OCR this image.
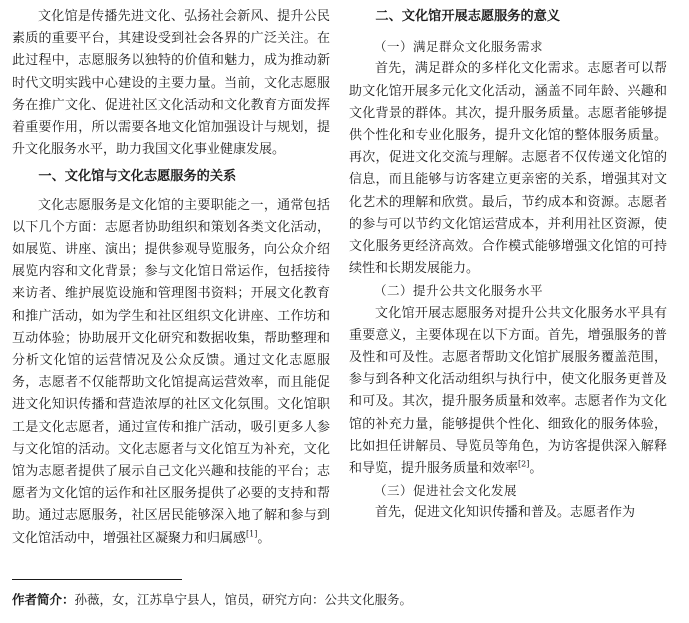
文化馆是传播先进文化、弘扬社会新风、提升公民素质的重要平台，其建设受到社会各界的广泛关注。在此过程中，志愿服务以独特的价值和魅力，成为推动新时代文明实践中心建设的主要力量。当前，文化志愿服务在推广文化、促进社区文化活动和文化教育方面发挥着重要作用，所以需要各地文化馆加强设计与规划，提升文化服务水平，助力我国文化事业健康发展。

一、文化馆与文化志愿服务的关系

文化志愿服务是文化馆的主要职能之一，通常包括以下几个方面：志愿者协助组织和策划各类文化活动，如展览、讲座、演出；提供参观导览服务，向公众介绍展览内容和文化背景；参与文化馆日常运作，包括接待来访者、维护展览设施和管理图书资料；开展文化教育和推广活动，如为学生和社区组织文化讲座、工作坊和互动体验；协助展开文化研究和数据收集，帮助整理和分析文化馆的运营情况及公众反馈。通过文化志愿服务，志愿者不仅能帮助文化馆提高运营效率，而且能促进文化知识传播和营造浓厚的社区文化氛围。文化馆职工是文化志愿者，通过宣传和推广活动，吸引更多人参与文化馆的活动。文化志愿者与文化馆互为补充，文化馆为志愿者提供了展示自己文化兴趣和技能的平台；志愿者为文化馆的运作和社区服务提供了必要的支持和帮助。通过志愿服务，社区居民能够深入地了解和参与到文化馆活动中，增强社区凝聚力和归属感[1]。

二、文化馆开展志愿服务的意义
（一）满足群众文化服务需求

首先，满足群众的多样化文化需求。志愿者可以帮助文化馆开展多元化文化活动，涵盖不同年龄、兴趣和文化背景的群体。其次，提升服务质量。志愿者能够提供个性化和专业化服务，提升文化馆的整体服务质量。再次，促进文化交流与理解。志愿者不仅传递文化馆的信息，而且能够与访客建立更亲密的关系，增强其对文化艺术的理解和欣赏。最后，节约成本和资源。志愿者的参与可以节约文化馆运营成本，并利用社区资源，使文化服务更经济高效。合作模式能够增强文化馆的可持续性和长期发展能力。

（二）提升公共文化服务水平

文化馆开展志愿服务对提升公共文化服务水平具有重要意义，主要体现在以下方面。首先，增强服务的普及性和可及性。志愿者帮助文化馆扩展服务覆盖范围，参与到各种文化活动组织与执行中，使文化服务更普及和可及。其次，提升服务质量和效率。志愿者作为文化馆的补充力量，能够提供个性化、细致化的服务体验，比如担任讲解员、导览员等角色，为访客提供深入解释和导览，提升服务质量和效率[2]。

（三）促进社会文化发展

首先，促进文化知识传播和普及。志愿者作为

作者简介：孙薇，女，江苏阜宁县人，馆员，研究方向：公共文化服务。
